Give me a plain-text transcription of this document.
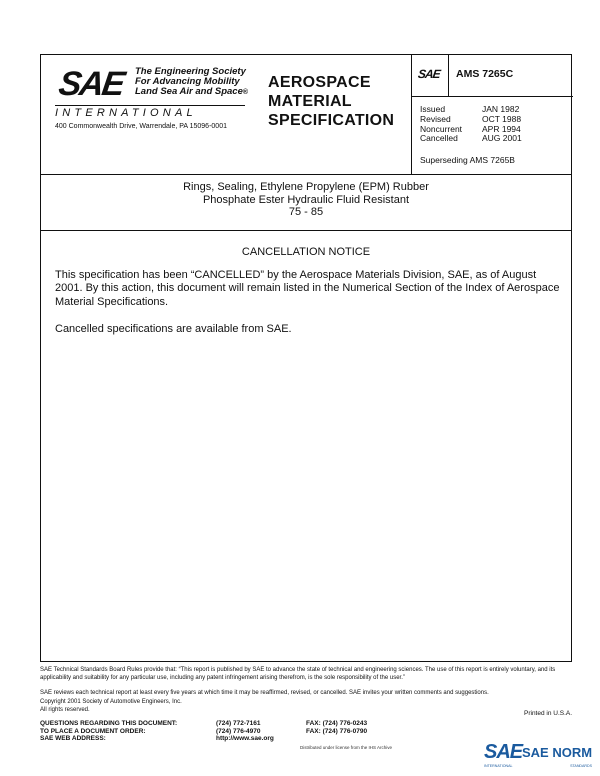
SAE The Engineering Society
For Advancing Mobility
Land Sea Air and Space®
INTERNATIONAL
400 Commonwealth Drive, Warrendale, PA 15096-0001
AEROSPACE
MATERIAL
SPECIFICATION
SAE AMS 7265C
Issued	JAN 1982
Revised	OCT 1988
Noncurrent	APR 1994
Cancelled	AUG 2001
Superseding AMS 7265B
Rings, Sealing, Ethylene Propylene (EPM) Rubber
Phosphate Ester Hydraulic Fluid Resistant
75 - 85
CANCELLATION NOTICE
This specification has been “CANCELLED” by the Aerospace Materials Division, SAE, as of August 2001. By this action, this document will remain listed in the Numerical Section of the Index of Aerospace Material Specifications.
Cancelled specifications are available from SAE.
SAE Technical Standards Board Rules provide that: “This report is published by SAE to advance the state of technical and engineering sciences. The use of this report is entirely voluntary, and its applicability and suitability for any particular use, including any patent infringement arising therefrom, is the sole responsibility of the user.”
SAE reviews each technical report at least every five years at which time it may be reaffirmed, revised, or cancelled. SAE invites your written comments and suggestions.
Copyright 2001 Society of Automotive Engineers, Inc.
All rights reserved.
Printed in U.S.A.
QUESTIONS REGARDING THIS DOCUMENT:	(724) 772-7161	FAX: (724) 776-0243
TO PLACE A DOCUMENT ORDER:	(724) 776-4970	FAX: (724) 776-0790
SAE WEB ADDRESS:	http://www.sae.org
Distributed under license from the IHS Archive	SAE SAE NORM
INTERNATIONAL	STANDARDS
